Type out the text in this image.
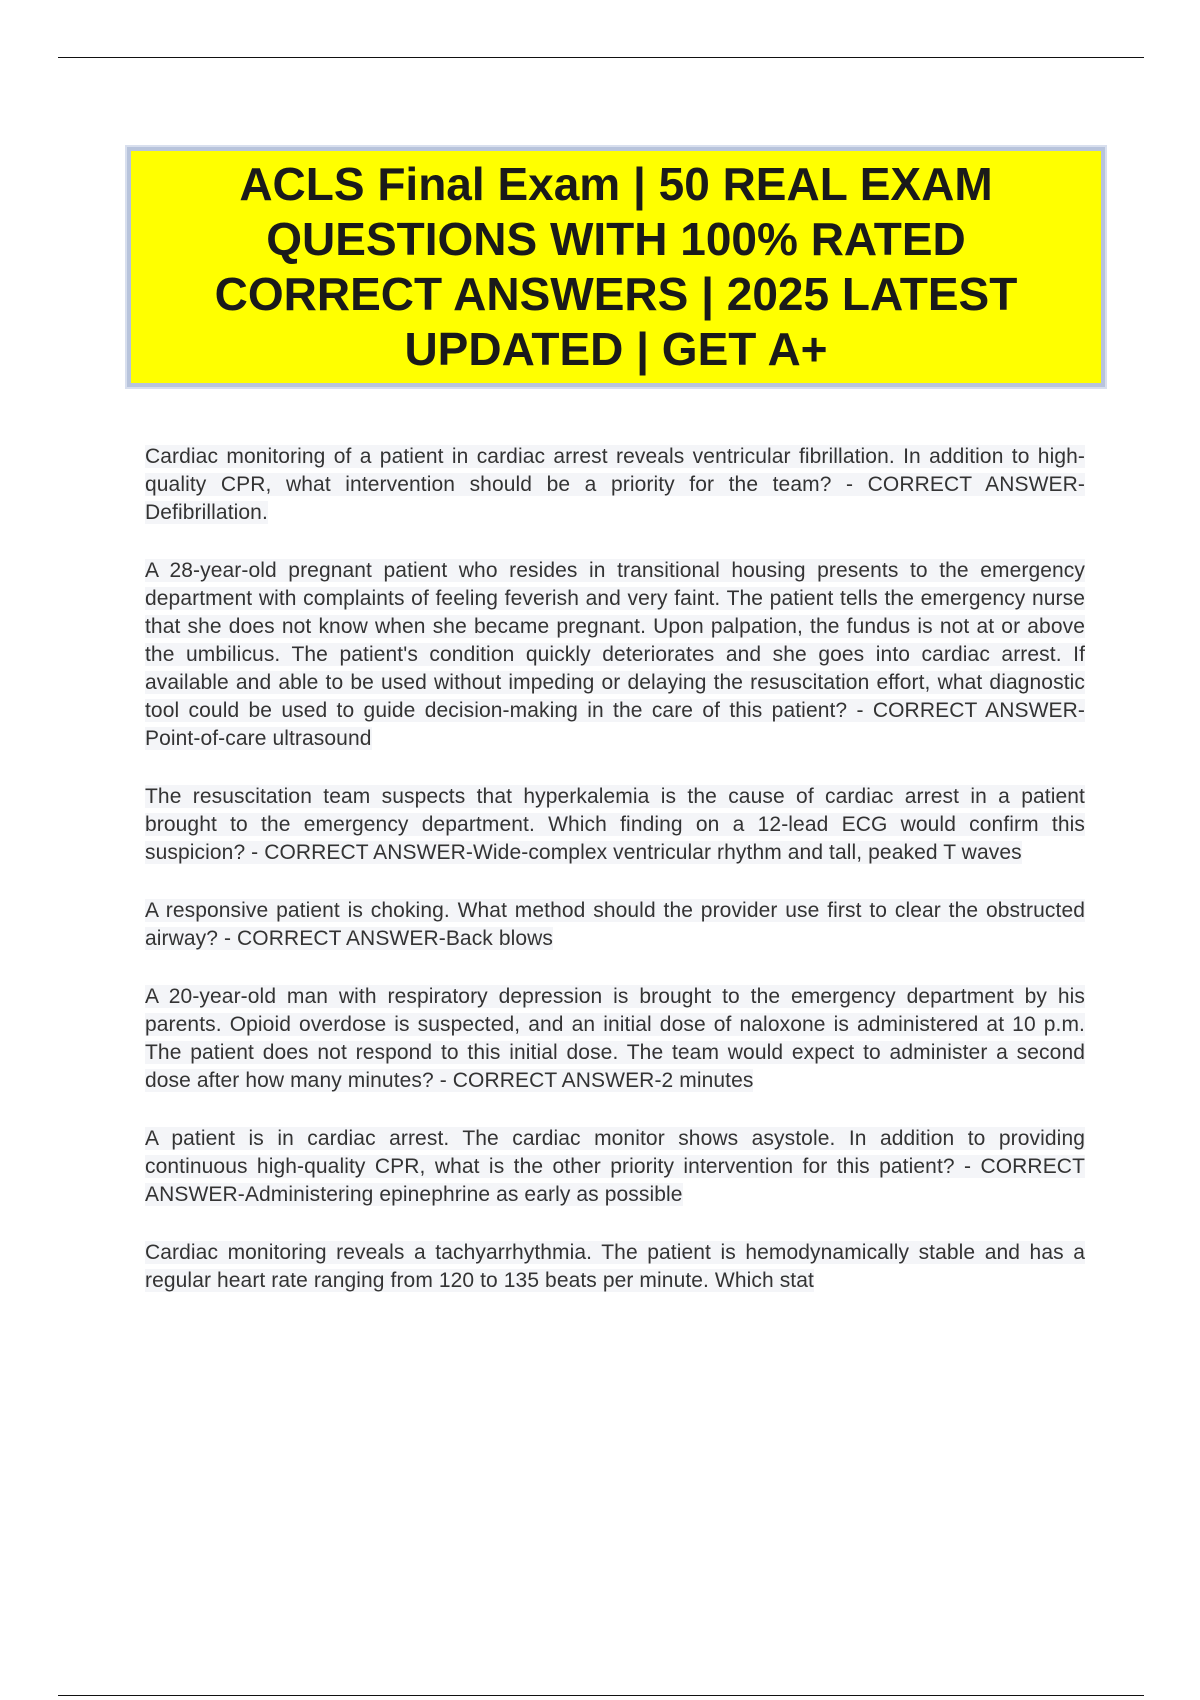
ACLS Final Exam | 50 REAL EXAM QUESTIONS WITH 100% RATED CORRECT ANSWERS | 2025 LATEST UPDATED | GET A+

Cardiac monitoring of a patient in cardiac arrest reveals ventricular fibrillation. In addition to high-quality CPR, what intervention should be a priority for the team? - CORRECT ANSWER-Defibrillation.

A 28-year-old pregnant patient who resides in transitional housing presents to the emergency department with complaints of feeling feverish and very faint. The patient tells the emergency nurse that she does not know when she became pregnant. Upon palpation, the fundus is not at or above the umbilicus. The patient's condition quickly deteriorates and she goes into cardiac arrest. If available and able to be used without impeding or delaying the resuscitation effort, what diagnostic tool could be used to guide decision-making in the care of this patient? - CORRECT ANSWER-Point-of-care ultrasound

The resuscitation team suspects that hyperkalemia is the cause of cardiac arrest in a patient brought to the emergency department. Which finding on a 12-lead ECG would confirm this suspicion? - CORRECT ANSWER-Wide-complex ventricular rhythm and tall, peaked T waves

A responsive patient is choking. What method should the provider use first to clear the obstructed airway? - CORRECT ANSWER-Back blows

A 20-year-old man with respiratory depression is brought to the emergency department by his parents. Opioid overdose is suspected, and an initial dose of naloxone is administered at 10 p.m. The patient does not respond to this initial dose. The team would expect to administer a second dose after how many minutes? - CORRECT ANSWER-2 minutes

A patient is in cardiac arrest. The cardiac monitor shows asystole. In addition to providing continuous high-quality CPR, what is the other priority intervention for this patient? - CORRECT ANSWER-Administering epinephrine as early as possible

Cardiac monitoring reveals a tachyarrhythmia. The patient is hemodynamically stable and has a regular heart rate ranging from 120 to 135 beats per minute. Which stat
